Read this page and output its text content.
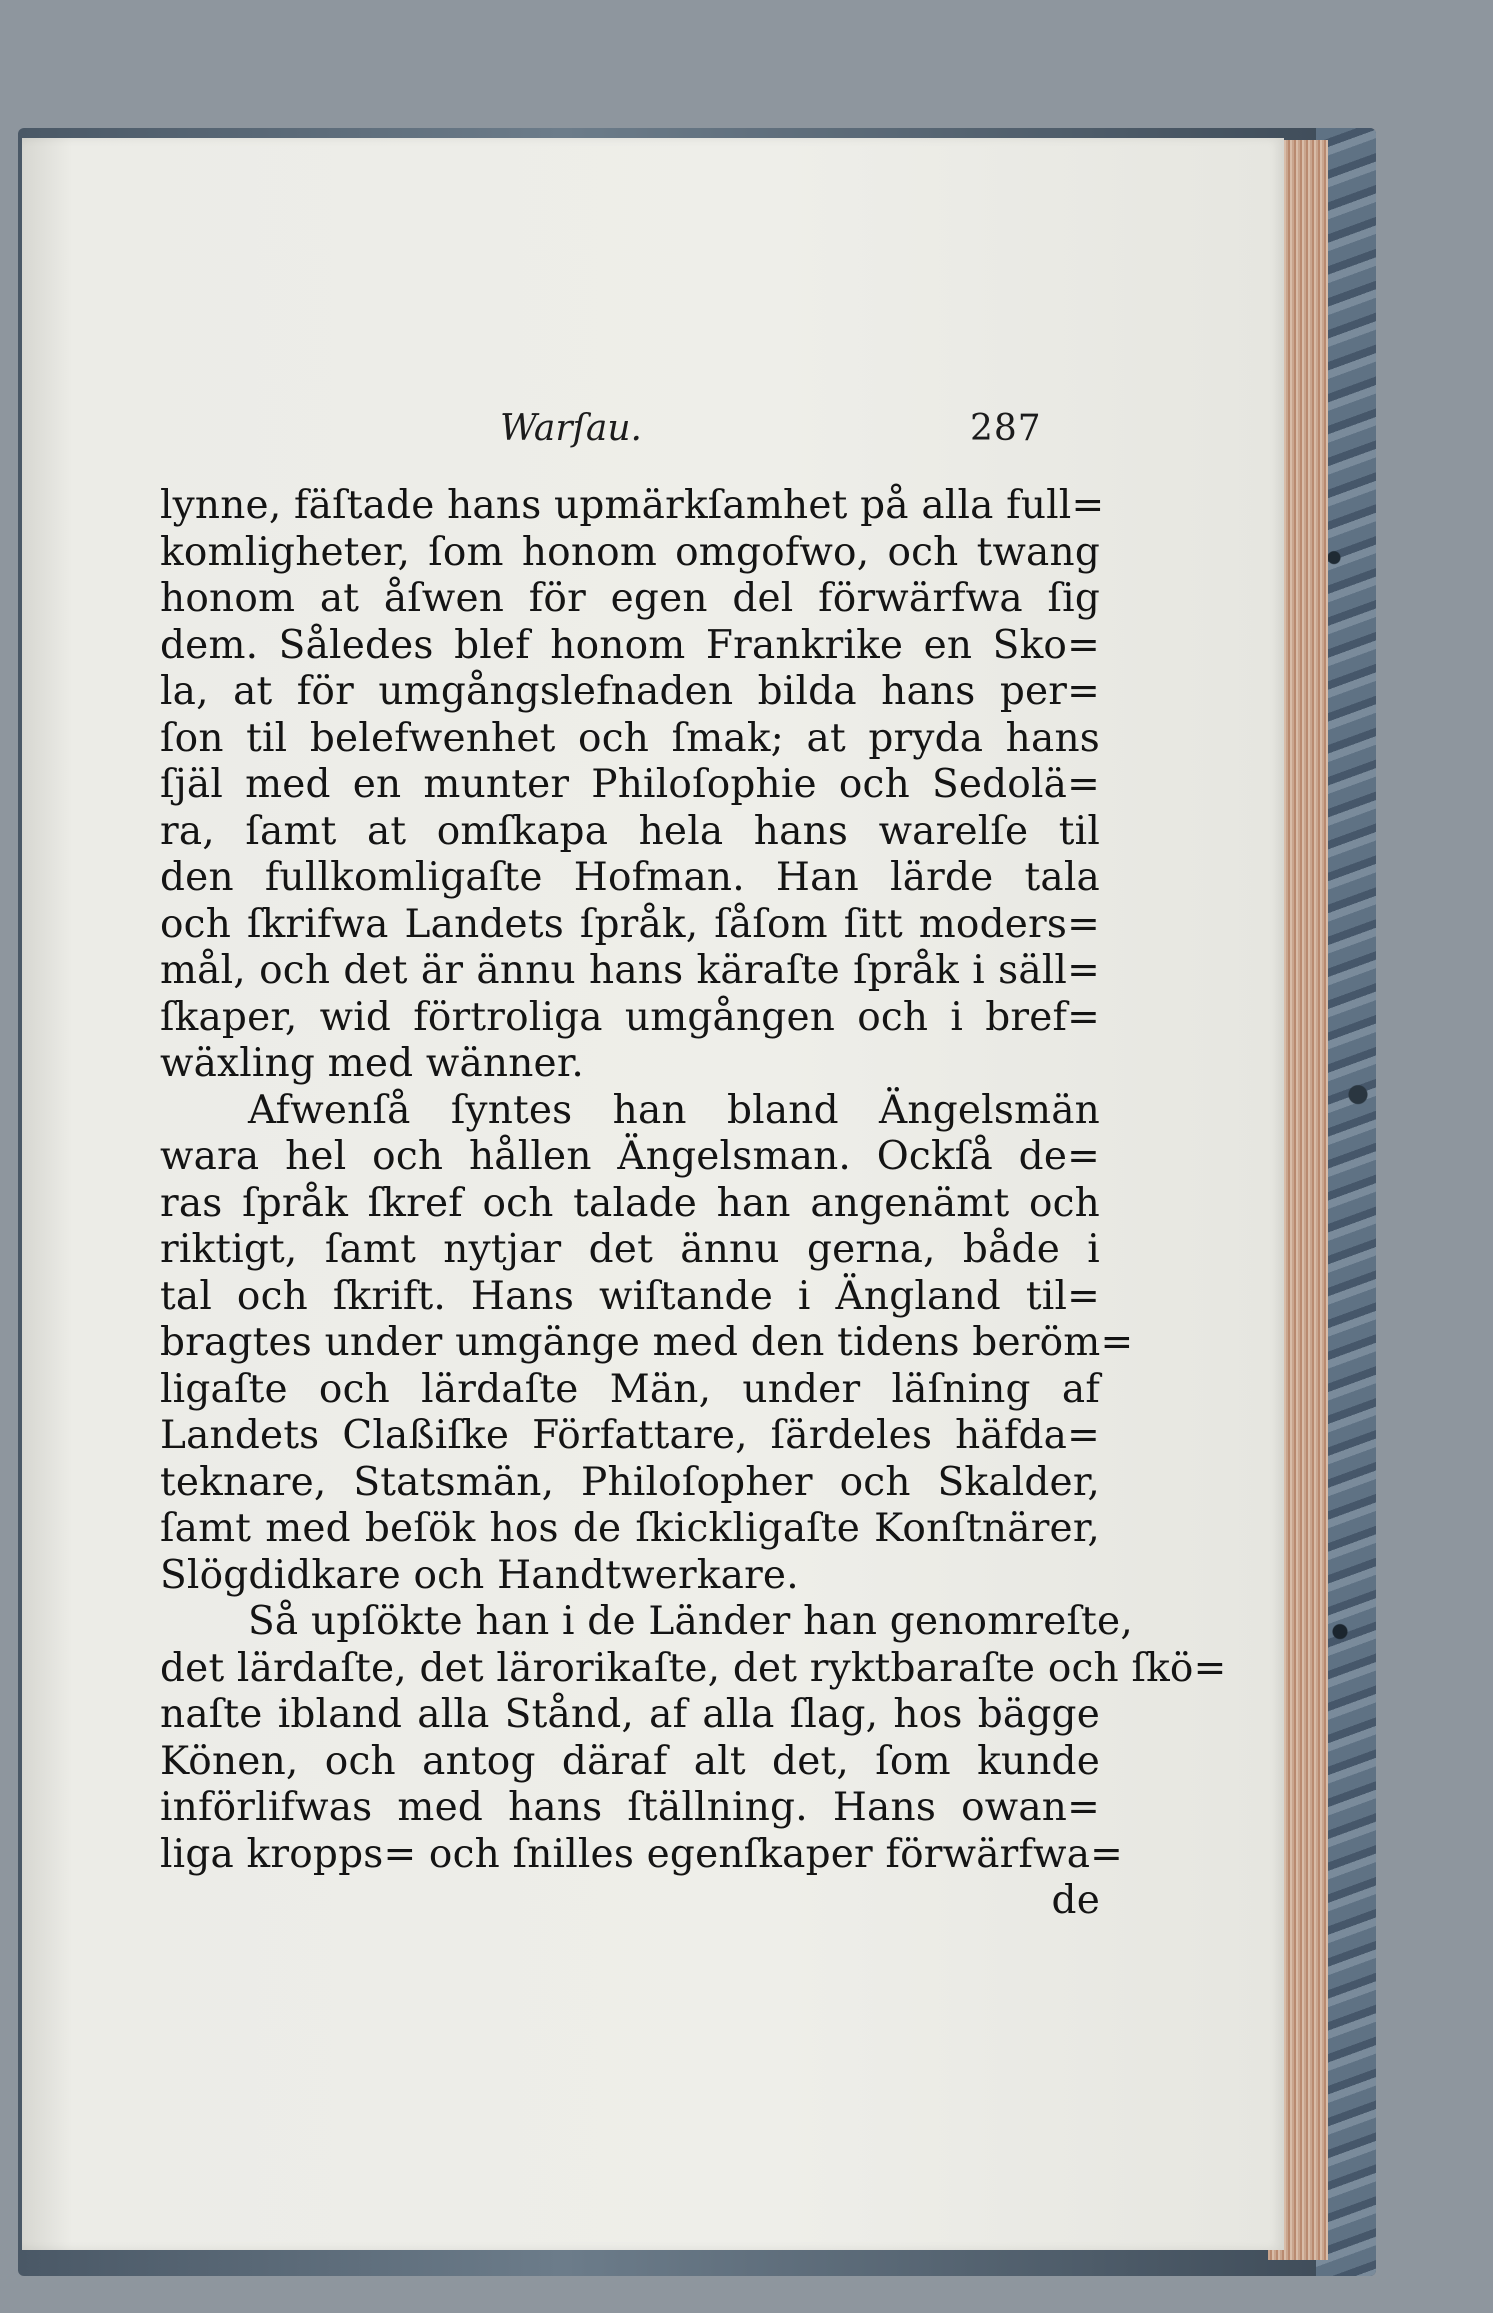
Warſau.	287
lynne, fäſtade hans upmärkſamhet på alla full=
komligheter, ſom honom omgofwo, och twang
honom at åſwen för egen del förwärfwa ſig
dem. Således blef honom Frankrike en Sko=
la, at för umgångslefnaden bilda hans per=
ſon til belefwenhet och ſmak; at pryda hans
ſjäl med en munter Philoſophie och Sedolä=
ra, ſamt at omſkapa hela hans warelſe til
den fullkomligaſte Hofman. Han lärde tala
och ſkrifwa Landets ſpråk, ſåſom ſitt moders=
mål, och det är ännu hans käraſte ſpråk i säll=
ſkaper, wid förtroliga umgången och i bref=
wäxling med wänner.
Afwenſå ſyntes han bland Ängelsmän
wara hel och hållen Ängelsman. Ockſå de=
ras ſpråk ſkref och talade han angenämt och
riktigt, ſamt nytjar det ännu gerna, både i
tal och ſkrift. Hans wiſtande i Ängland til=
bragtes under umgänge med den tidens beröm=
ligaſte och lärdaſte Män, under läſning af
Landets Claßiſke Författare, ſärdeles häfda=
teknare, Statsmän, Philoſopher och Skalder,
ſamt med beſök hos de ſkickligaſte Konſtnärer,
Slögdidkare och Handtwerkare.
Så upſökte han i de Länder han genomreſte,
det lärdaſte, det lärorikaſte, det ryktbaraſte och ſkö=
naſte ibland alla Stånd, af alla ſlag, hos bägge
Könen, och antog däraf alt det, ſom kunde
införlifwas med hans ſtällning. Hans owan=
liga kropps= och ſnilles egenſkaper förwärfwa=
de
